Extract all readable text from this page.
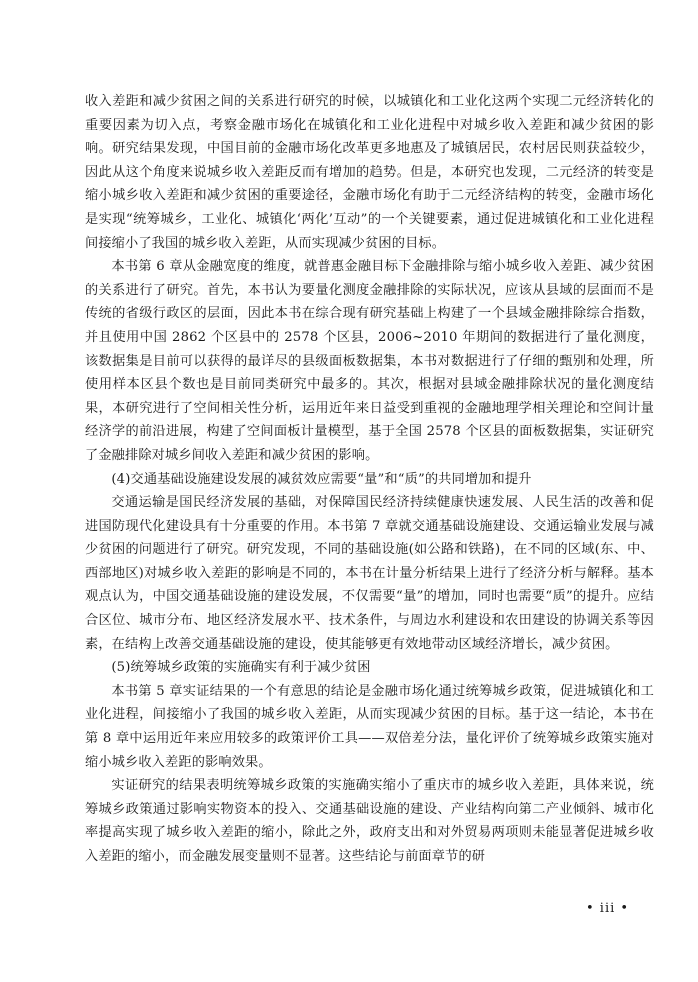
收入差距和减少贫困之间的关系进行研究的时候，以城镇化和工业化这两个实现二元经济转化的重要因素为切入点，考察金融市场化在城镇化和工业化进程中对城乡收入差距和减少贫困的影响。研究结果发现，中国目前的金融市场化改革更多地惠及了城镇居民，农村居民则获益较少，因此从这个角度来说城乡收入差距反而有增加的趋势。但是，本研究也发现，二元经济的转变是缩小城乡收入差距和减少贫困的重要途径，金融市场化有助于二元经济结构的转变，金融市场化是实现“统筹城乡，工业化、城镇化‘两化’互动”的一个关键要素，通过促进城镇化和工业化进程间接缩小了我国的城乡收入差距，从而实现减少贫困的目标。

本书第 6 章从金融宽度的维度，就普惠金融目标下金融排除与缩小城乡收入差距、减少贫困的关系进行了研究。首先，本书认为要量化测度金融排除的实际状况，应该从县域的层面而不是传统的省级行政区的层面，因此本书在综合现有研究基础上构建了一个县域金融排除综合指数，并且使用中国 2862 个区县中的 2578 个区县，2006~2010 年期间的数据进行了量化测度，该数据集是目前可以获得的最详尽的县级面板数据集，本书对数据进行了仔细的甄别和处理，所使用样本区县个数也是目前同类研究中最多的。其次，根据对县域金融排除状况的量化测度结果，本研究进行了空间相关性分析，运用近年来日益受到重视的金融地理学相关理论和空间计量经济学的前沿进展，构建了空间面板计量模型，基于全国 2578 个区县的面板数据集，实证研究了金融排除对城乡间收入差距和减少贫困的影响。

(4)交通基础设施建设发展的减贫效应需要“量”和“质”的共同增加和提升

交通运输是国民经济发展的基础，对保障国民经济持续健康快速发展、人民生活的改善和促进国防现代化建设具有十分重要的作用。本书第 7 章就交通基础设施建设、交通运输业发展与减少贫困的问题进行了研究。研究发现，不同的基础设施(如公路和铁路)，在不同的区域(东、中、西部地区)对城乡收入差距的影响是不同的，本书在计量分析结果上进行了经济分析与解释。基本观点认为，中国交通基础设施的建设发展，不仅需要“量”的增加，同时也需要“质”的提升。应结合区位、城市分布、地区经济发展水平、技术条件，与周边水利建设和农田建设的协调关系等因素，在结构上改善交通基础设施的建设，使其能够更有效地带动区域经济增长，减少贫困。

(5)统筹城乡政策的实施确实有利于减少贫困

本书第 5 章实证结果的一个有意思的结论是金融市场化通过统筹城乡政策，促进城镇化和工业化进程，间接缩小了我国的城乡收入差距，从而实现减少贫困的目标。基于这一结论，本书在第 8 章中运用近年来应用较多的政策评价工具——双倍差分法，量化评价了统筹城乡政策实施对缩小城乡收入差距的影响效果。

实证研究的结果表明统筹城乡政策的实施确实缩小了重庆市的城乡收入差距，具体来说，统筹城乡政策通过影响实物资本的投入、交通基础设施的建设、产业结构向第二产业倾斜、城市化率提高实现了城乡收入差距的缩小，除此之外，政府支出和对外贸易两项则未能显著促进城乡收入差距的缩小，而金融发展变量则不显著。这些结论与前面章节的研

• iii •
